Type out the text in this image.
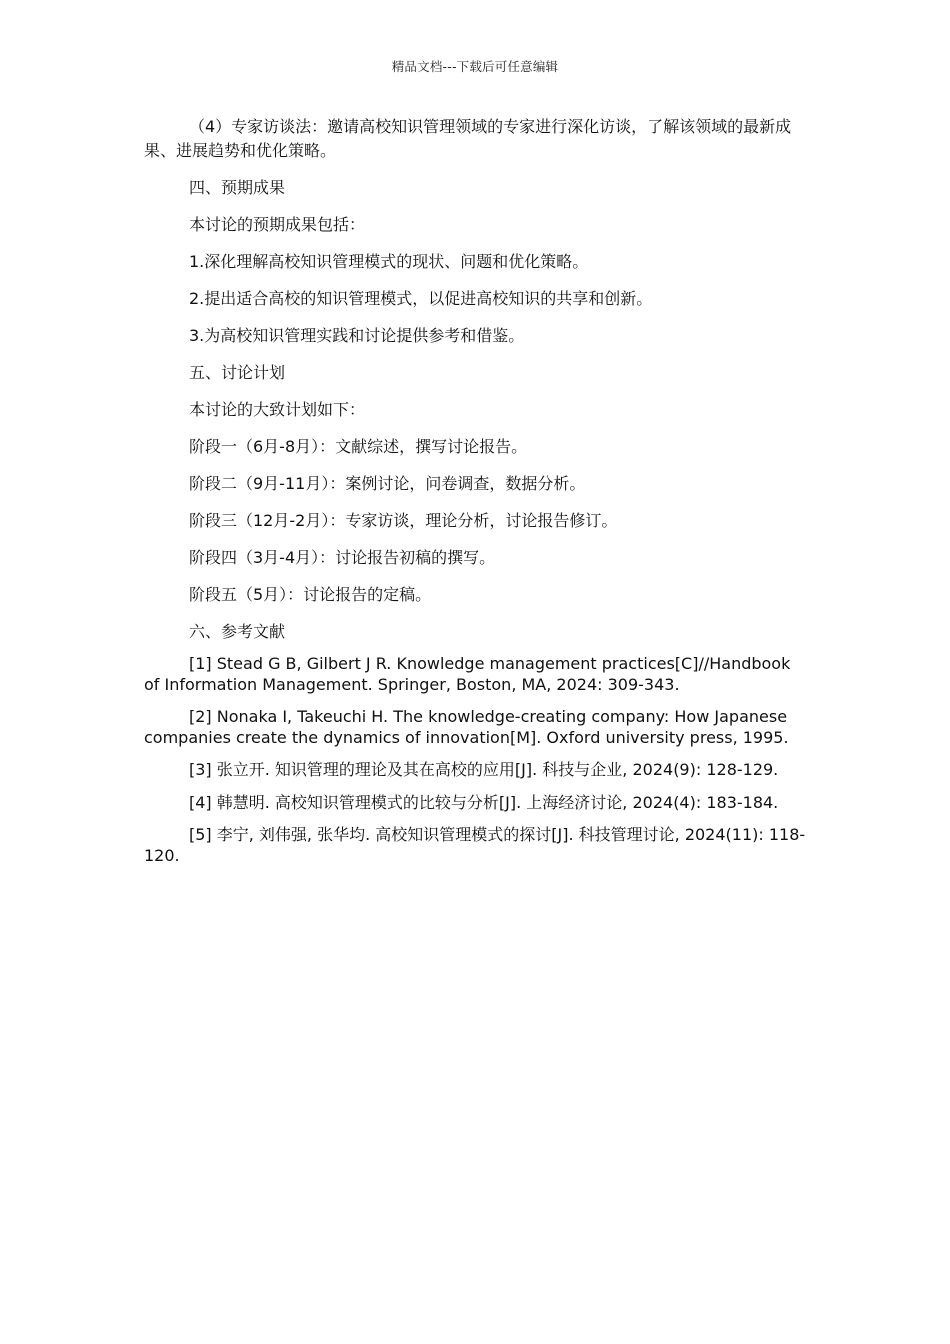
精品文档---下载后可任意编辑

（4）专家访谈法：邀请高校知识管理领域的专家进行深化访谈，了解该领域的最新成果、进展趋势和优化策略。

四、预期成果

本讨论的预期成果包括：

1.深化理解高校知识管理模式的现状、问题和优化策略。

2.提出适合高校的知识管理模式，以促进高校知识的共享和创新。

3.为高校知识管理实践和讨论提供参考和借鉴。

五、讨论计划

本讨论的大致计划如下：

阶段一（6月-8月）：文献综述，撰写讨论报告。

阶段二（9月-11月）：案例讨论，问卷调查，数据分析。

阶段三（12月-2月）：专家访谈，理论分析，讨论报告修订。

阶段四（3月-4月）：讨论报告初稿的撰写。

阶段五（5月）：讨论报告的定稿。

六、参考文献

[1] Stead G B, Gilbert J R. Knowledge management practices[C]//Handbook of Information Management. Springer, Boston, MA, 2024: 309-343.

[2] Nonaka I, Takeuchi H. The knowledge-creating company: How Japanese companies create the dynamics of innovation[M]. Oxford university press, 1995.

[3] 张立开. 知识管理的理论及其在高校的应用[J]. 科技与企业, 2024(9): 128-129.

[4] 韩慧明. 高校知识管理模式的比较与分析[J]. 上海经济讨论, 2024(4): 183-184.

[5] 李宁, 刘伟强, 张华均. 高校知识管理模式的探讨[J]. 科技管理讨论, 2024(11): 118-120.
